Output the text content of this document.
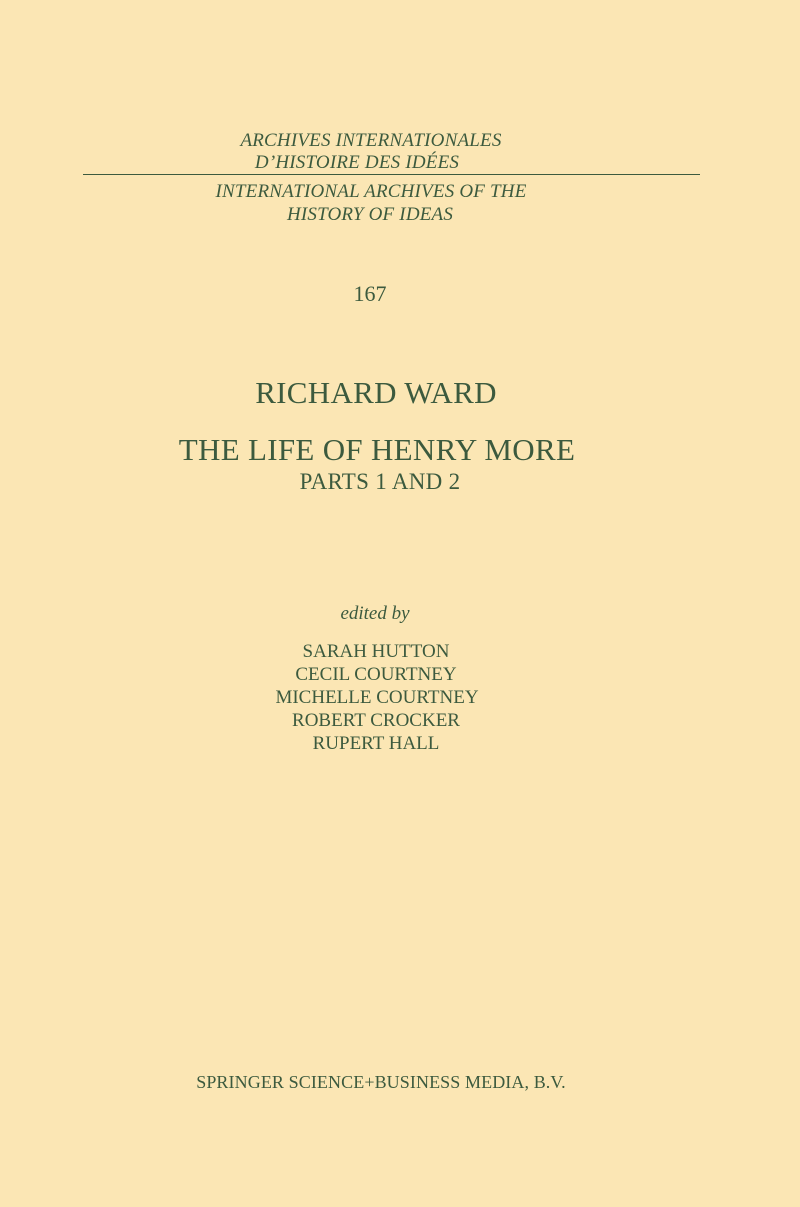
ARCHIVES INTERNATIONALES
D’HISTOIRE DES IDÉES
INTERNATIONAL ARCHIVES OF THE
HISTORY OF IDEAS
167
RICHARD WARD
THE LIFE OF HENRY MORE
PARTS 1 AND 2
edited by
SARAH HUTTON
CECIL COURTNEY
MICHELLE COURTNEY
ROBERT CROCKER
RUPERT HALL
SPRINGER SCIENCE+BUSINESS MEDIA, B.V.
